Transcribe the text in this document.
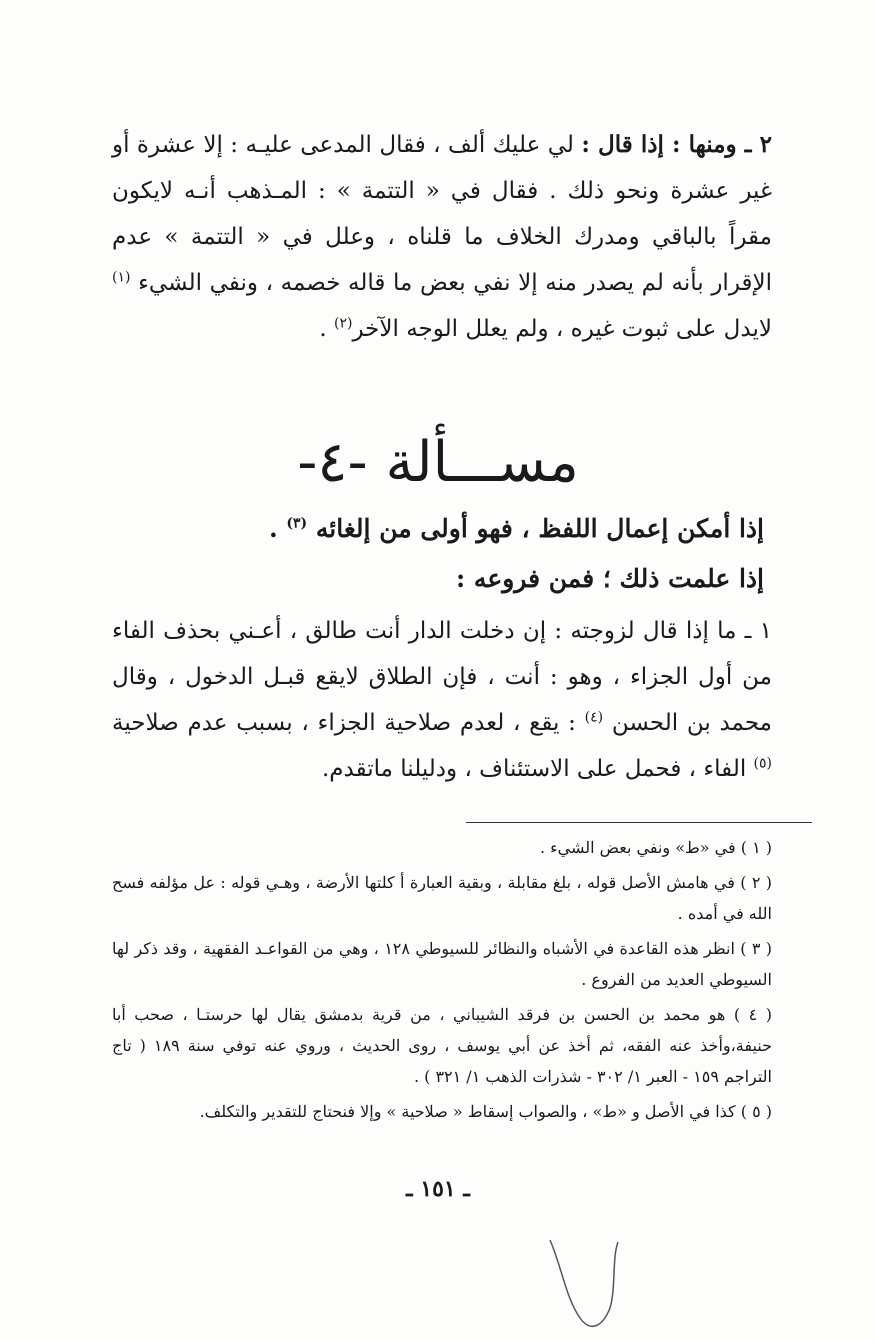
٢ ـ ومنها : إذا قال : لي عليك ألف ، فقال المدعى عليـه : إلا عشرة أو غير عشرة ونحو ذلك . فقال في « التتمة » : المـذهب أنـه لايكون مقراً بالباقي ومدرك الخلاف ما قلناه ، وعلل في « التتمة » عدم الإقرار بأنه لم يصدر منه إلا نفي بعض ما قاله خصمه ، ونفي الشيء $^{(١)}$ لايدل على ثبوت غيره ، ولم يعلل الوجه الآخر$^{(٢)}$ .

مســـألة -٤-
إذا أمكن إعمال اللفظ ، فهو أولى من إلغائه $^{(٣)}$ .
إذا علمت ذلك ؛ فمن فروعه :

١ ـ ما إذا قال لزوجته : إن دخلت الدار أنت طالق ، أعـني بحذف الفاء من أول الجزاء ، وهو : أنت ، فإن الطلاق لايقع قبـل الدخول ، وقال محمد بن الحسن $^{(٤)}$ : يقع ، لعدم صلاحية الجزاء ، بسبب عدم صلاحية $^{(٥)}$ الفاء ، فحمل على الاستئناف ، ودليلنا ماتقدم.

( ١ ) في «ط» ونفي بعض الشيء .

( ٢ ) في هامش الأصل قوله ، بلغ مقابلة ، وبقية العبارة أ كلتها الأرضة ، وهـي قوله : عل مؤلفه فسح الله في أمده .

( ٣ ) انظر هذه القاعدة في الأشباه والنظائر للسيوطي ١٢٨ ، وهي من القواعـد الفقهية ، وقد ذكر لها السيوطي العديد من الفروع .

( ٤ ) هو محمد بن الحسن بن فرقد الشيباني ، من قرية بدمشق يقال لها حرستـا ، صحب أبا حنيفة،وأخذ عنه الفقه، ثم أخذ عن أبي يوسف ، روى الحديث ، وروي عنه توفي سنة ١٨٩ ( تاج التراجم ١٥٩ - العبر ١/ ٣٠٢ - شذرات الذهب ١/ ٣٢١ ) .

( ٥ ) كذا في الأصل و «ط» ، والصواب إسقاط « صلاحية » وإلا فنحتاج للتقدير والتكلف.

ـ ١٥١ ـ
